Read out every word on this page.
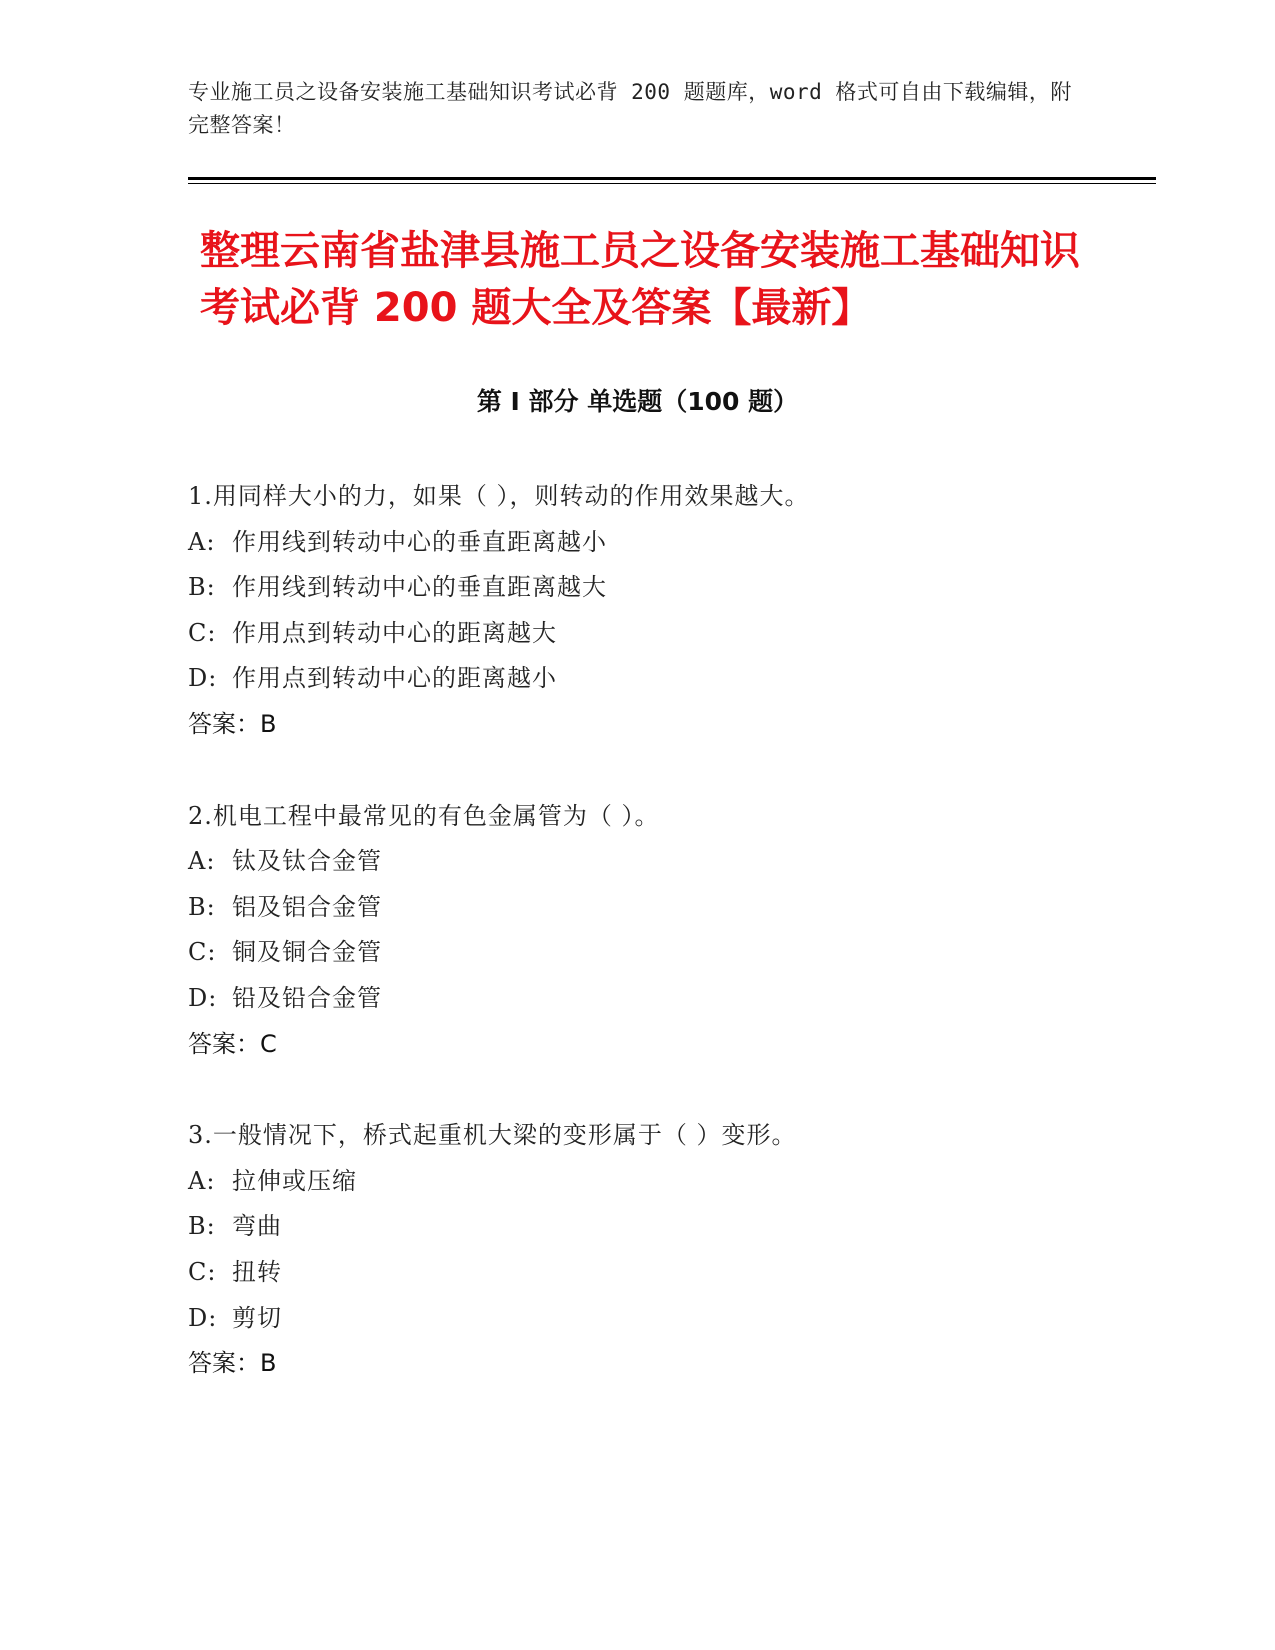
专业施工员之设备安装施工基础知识考试必背 200 题题库，word 格式可自由下载编辑，附完整答案！
整理云南省盐津县施工员之设备安装施工基础知识考试必背 200 题大全及答案【最新】
第 I 部分 单选题（100 题）
1.用同样大小的力，如果（ ），则转动的作用效果越大。
A: 作用线到转动中心的垂直距离越小
B: 作用线到转动中心的垂直距离越大
C: 作用点到转动中心的距离越大
D: 作用点到转动中心的距离越小
答案：B
2.机电工程中最常见的有色金属管为（ ）。
A: 钛及钛合金管
B: 铝及铝合金管
C: 铜及铜合金管
D: 铅及铅合金管
答案：C
3.一般情况下，桥式起重机大梁的变形属于（ ）变形。
A: 拉伸或压缩
B: 弯曲
C: 扭转
D: 剪切
答案：B
